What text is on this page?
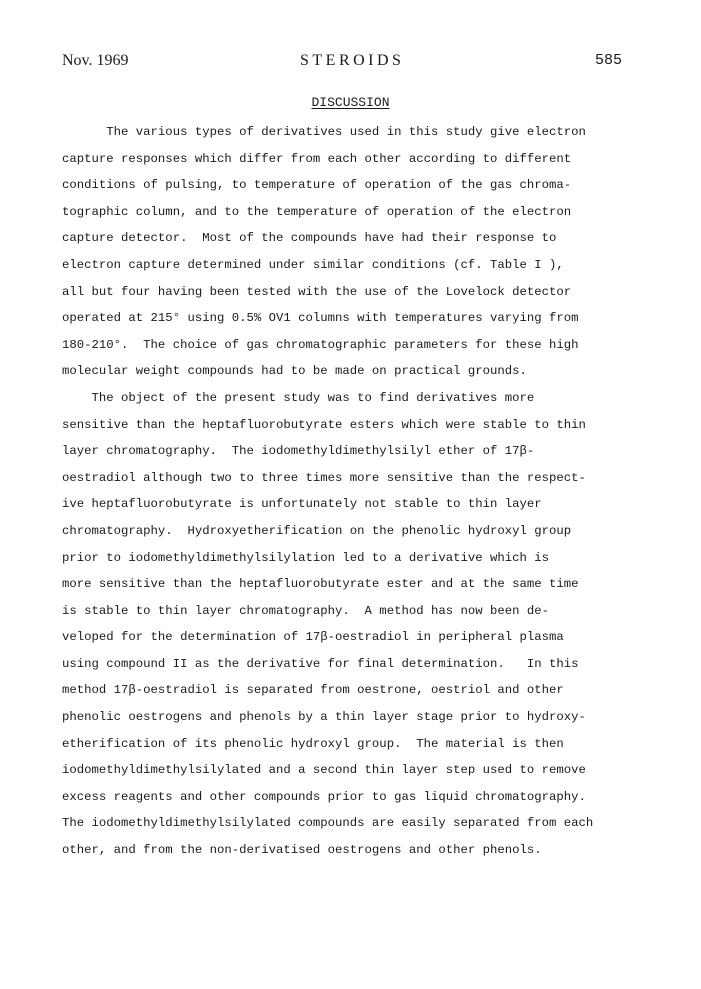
Nov. 1969	STEROIDS	585
DISCUSSION
The various types of derivatives used in this study give electron
capture responses which differ from each other according to different
conditions of pulsing, to temperature of operation of the gas chroma-
tographic column, and to the temperature of operation of the electron
capture detector.  Most of the compounds have had their response to
electron capture determined under similar conditions (cf. Table I ),
all but four having been tested with the use of the Lovelock detector
operated at 215° using 0.5% OV1 columns with temperatures varying from
180-210°.  The choice of gas chromatographic parameters for these high
molecular weight compounds had to be made on practical grounds.
The object of the present study was to find derivatives more
sensitive than the heptafluorobutyrate esters which were stable to thin
layer chromatography.  The iodomethyldimethylsilyl ether of 17β-
oestradiol although two to three times more sensitive than the respect-
ive heptafluorobutyrate is unfortunately not stable to thin layer
chromatography.  Hydroxyetherification on the phenolic hydroxyl group
prior to iodomethyldimethylsilylation led to a derivative which is
more sensitive than the heptafluorobutyrate ester and at the same time
is stable to thin layer chromatography.  A method has now been de-
veloped for the determination of 17β-oestradiol in peripheral plasma
using compound II as the derivative for final determination.   In this
method 17β-oestradiol is separated from oestrone, oestriol and other
phenolic oestrogens and phenols by a thin layer stage prior to hydroxy-
etherification of its phenolic hydroxyl group.  The material is then
iodomethyldimethylsilylated and a second thin layer step used to remove
excess reagents and other compounds prior to gas liquid chromatography.
The iodomethyldimethylsilylated compounds are easily separated from each
other, and from the non-derivatised oestrogens and other phenols.
